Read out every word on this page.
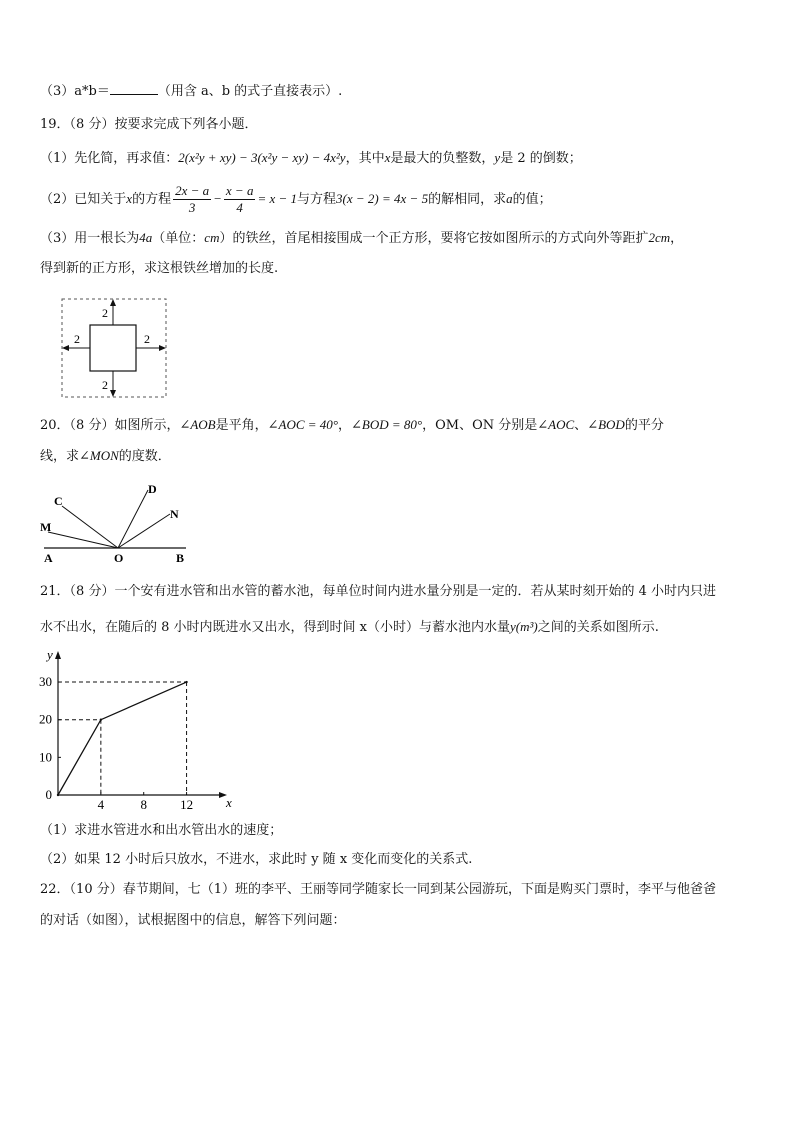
（3）a*b＝	（用含 a、b 的式子直接表示）.
19．（8 分）按要求完成下列各小题．
（1）先化简，再求值：2(x²y + xy) − 3(x²y − xy) − 4x²y，其中x是最大的负整数，y是 2 的倒数；
（2）已知关于x的方程 $\frac{2x - a}{3} - \frac{x - a}{4} = x - 1$与方程3(x − 2) = 4x − 5的解相同，求a的值；
（3）用一根长为4a（单位：cm）的铁丝，首尾相接围成一个正方形，要将它按如图所示的方式向外等距扩2cm，
得到新的正方形，求这根铁丝增加的长度.
2
2
2	2
20．（8 分）如图所示，∠AOB是平角，∠AOC = 40°，∠BOD = 80°，OM、ON 分别是∠AOC、∠BOD的平分
线，求∠MON的度数．
C
M
D
N
A	O	B
21．（8 分）一个安有进水管和出水管的蓄水池，每单位时间内进水量分别是一定的．若从某时刻开始的 4 小时内只进
水不出水，在随后的 8 小时内既进水又出水，得到时间 x（小时）与蓄水池内水量y(m³)之间的关系如图所示.
x
y
4	8	12
0
10
20
30
（1）求进水管进水和出水管出水的速度；
（2）如果 12 小时后只放水，不进水，求此时 y 随 x 变化而变化的关系式.
22．（10 分）春节期间，七（1）班的李平、王丽等同学随家长一同到某公园游玩，下面是购买门票时，李平与他爸爸
的对话（如图），试根据图中的信息，解答下列问题：
